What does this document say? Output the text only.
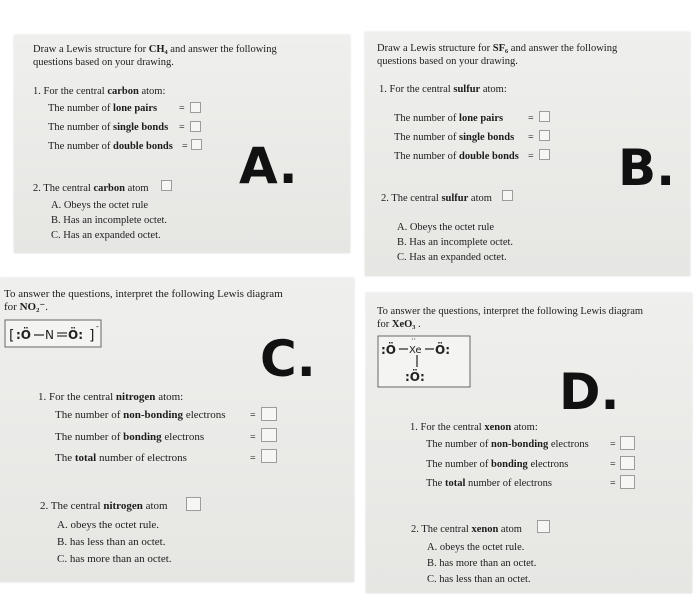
Draw a Lewis structure for CH₄ and answer the following
questions based on your drawing.
1. For the central carbon atom:
The number of lone pairs =
The number of single bonds =
The number of double bonds = A.
2. The central carbon atom
A. Obeys the octet rule
B. Has an incomplete octet.
C. Has an expanded octet.
Draw a Lewis structure for SF₆ and answer the following
questions based on your drawing.
1. For the central sulfur atom:
The number of lone pairs =
The number of single bonds =
The number of double bonds = B.
2. The central sulfur atom
A. Obeys the octet rule
B. Has an incomplete octet.
C. Has an expanded octet.
To answer the questions, interpret the following Lewis diagram
for NO₂⁻.
[	]
-
:Ö N Ö:	C.
1. For the central nitrogen atom:
The number of non-bonding electrons =
The number of bonding electrons	=
The total number of electrons	=
2. The central nitrogen atom
A. obeys the octet rule.
B. has less than an octet.
C. has more than an octet.
To answer the questions, interpret the following Lewis diagram
for XeO₃ .
:Ö Xe
··
Ö:
:Ö:	D.
1. For the central xenon atom:
The number of non-bonding electrons =
The number of bonding electrons	=
The total number of electrons	=
2. The central xenon atom
A. obeys the octet rule.
B. has more than an octet.
C. has less than an octet.
